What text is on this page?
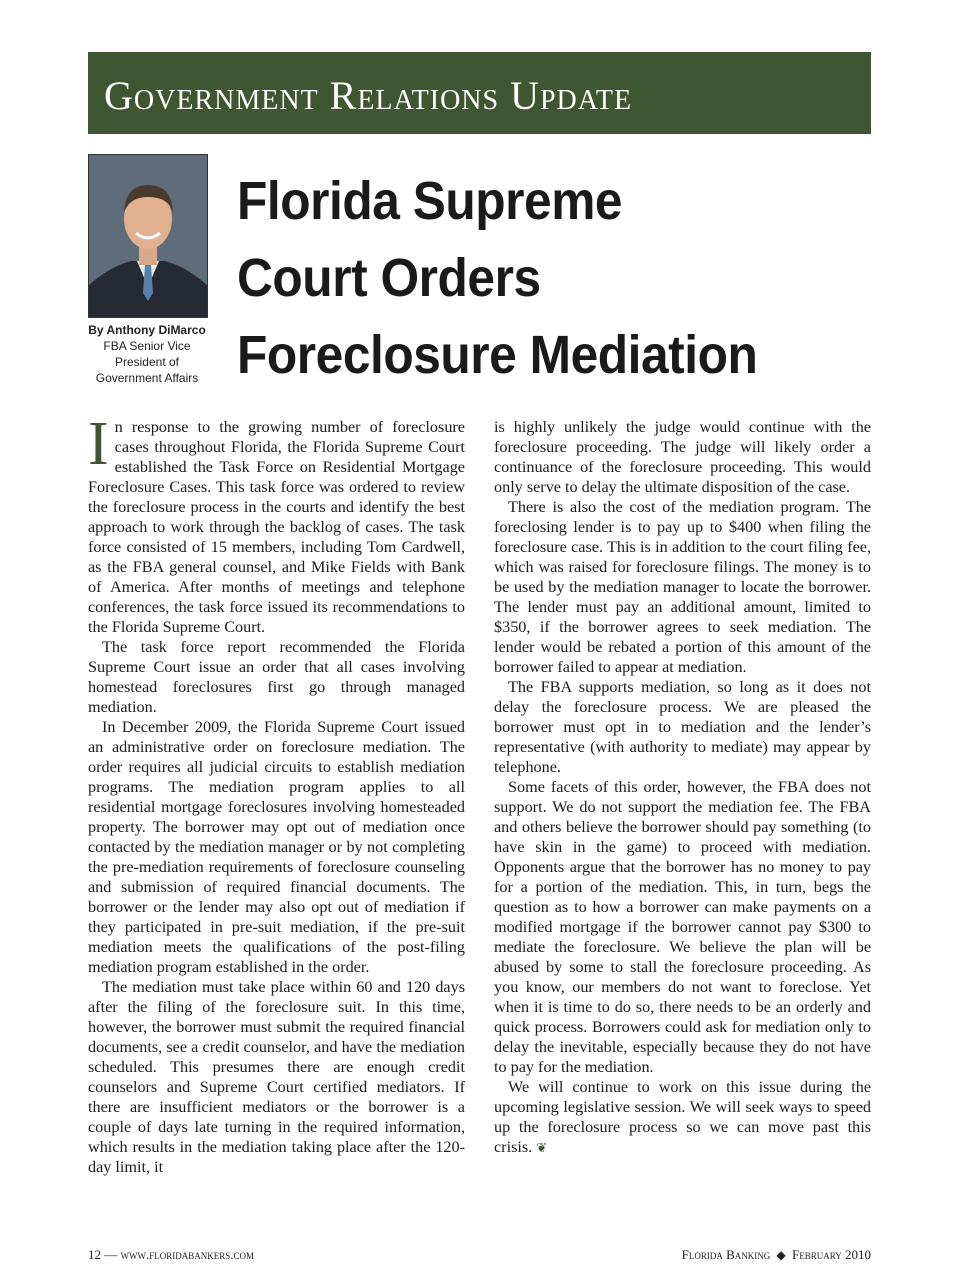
Government Relations Update
By Anthony DiMarco
FBA Senior Vice
President of
Government Affairs
Florida Supreme
Court Orders
Foreclosure Mediation

In response to the growing number of foreclosure cases throughout Florida, the Florida Supreme Court established the Task Force on Residential Mortgage Foreclosure Cases. This task force was ordered to review the foreclosure process in the courts and identify the best approach to work through the backlog of cases. The task force consisted of 15 members, including Tom Cardwell, as the FBA general counsel, and Mike Fields with Bank of America. After months of meetings and telephone conferences, the task force issued its recommendations to the Florida Supreme Court.

The task force report recommended the Florida Supreme Court issue an order that all cases involving homestead foreclosures first go through managed mediation.

In December 2009, the Florida Supreme Court issued an administrative order on foreclosure mediation. The order requires all judicial circuits to establish mediation programs. The mediation program applies to all residential mortgage foreclosures involving homesteaded property. The borrower may opt out of mediation once contacted by the mediation manager or by not completing the pre-mediation requirements of foreclosure counseling and submission of required financial documents. The borrower or the lender may also opt out of mediation if they participated in pre-suit mediation, if the pre-suit mediation meets the qualifications of the post-filing mediation program established in the order.

The mediation must take place within 60 and 120 days after the filing of the foreclosure suit. In this time, however, the borrower must submit the required financial documents, see a credit counselor, and have the mediation scheduled. This presumes there are enough credit counselors and Supreme Court certified mediators. If there are insufficient mediators or the borrower is a couple of days late turning in the required information, which results in the mediation taking place after the 120-day limit, it

is highly unlikely the judge would continue with the foreclosure proceeding. The judge will likely order a continuance of the foreclosure proceeding. This would only serve to delay the ultimate disposition of the case.

There is also the cost of the mediation program. The foreclosing lender is to pay up to $400 when filing the foreclosure case. This is in addition to the court filing fee, which was raised for foreclosure filings. The money is to be used by the mediation manager to locate the borrower. The lender must pay an additional amount, limited to $350, if the borrower agrees to seek mediation. The lender would be rebated a portion of this amount of the borrower failed to appear at mediation.

The FBA supports mediation, so long as it does not delay the foreclosure process. We are pleased the borrower must opt in to mediation and the lender’s representative (with authority to mediate) may appear by telephone.

Some facets of this order, however, the FBA does not support. We do not support the mediation fee. The FBA and others believe the borrower should pay something (to have skin in the game) to proceed with mediation. Opponents argue that the borrower has no money to pay for a portion of the mediation. This, in turn, begs the question as to how a borrower can make payments on a modified mortgage if the borrower cannot pay $300 to mediate the foreclosure. We believe the plan will be abused by some to stall the foreclosure proceeding. As you know, our members do not want to foreclose. Yet when it is time to do so, there needs to be an orderly and quick process. Borrowers could ask for mediation only to delay the inevitable, especially because they do not have to pay for the mediation.

We will continue to work on this issue during the upcoming legislative session. We will seek ways to speed up the foreclosure process so we can move past this crisis. ❦

12 — www.floridabankers.com	Florida Banking ◆ February 2010
